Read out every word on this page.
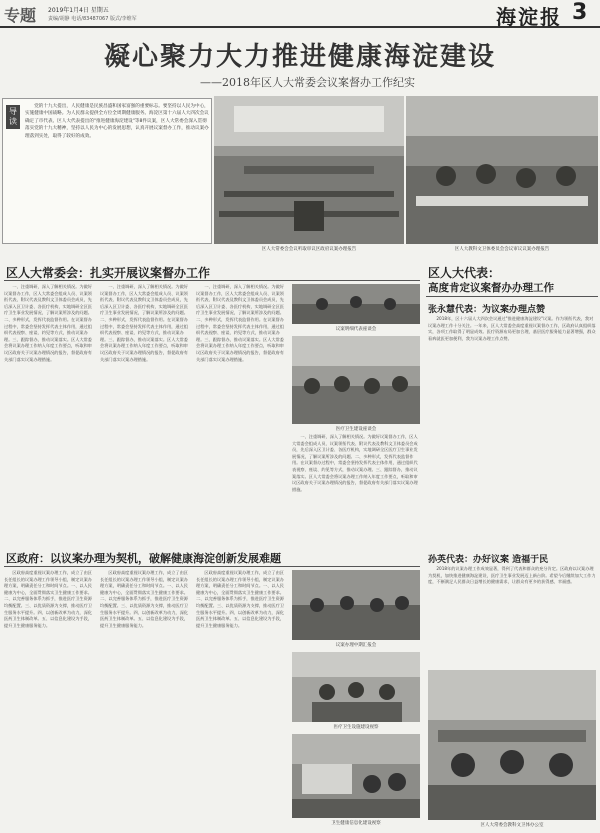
专题 2019年1月4日 星期五
责编/胡静 电话/83487067 版式/李维军	海淀报 3
凝心聚力大力推进健康海淀建设
——2018年区人大常委会议案督办工作纪实
导读
党的十九大提出，人民健康是民族昌盛和国家富强的重要标志。要坚持以人民为中心，实施健康中国战略。为人民群众提供全方位全周期健康服务。海淀区第十六届人大四次会议确定了市代表、区人大代表提出的"推进健康海淀建设"等8件议案，区人大常委会深入贯彻落实党的十九大精神，坚持以人民为中心的发展思想，认真开展议案督办工作，推动议案办理落到实处，取得了较好的成效。
区人大常委会会议听取审议区政府议案办理报告	区人大教科文卫体委员会会议审议议案办理报告
区人大常委会：扎实开展议案督办工作
一、注重调研，深入了解相关情况。为做好议案督办工作，区人大常委会组成人员、议案领衔代表、附议代表及教科文卫体委员会成员，先后深入区卫计委、各医疗机构，实地调研全区医疗卫生事业发展情况，了解议案所涉及的问题。二、多种形式，发挥代表监督作用。在议案督办过程中，常委会坚持发挥代表主体作用，通过组织代表视察、座谈、约见等方式，推动议案办理。三、跟踪督办，推动议案落实。区人大常委会将议案办理工作纳入年度工作要点，听取和审议区政府关于议案办理情况的报告，督促政府有关部门落实议案办理措施。
一、注重调研，深入了解相关情况。为做好议案督办工作，区人大常委会组成人员、议案领衔代表、附议代表及教科文卫体委员会成员，先后深入区卫计委、各医疗机构，实地调研全区医疗卫生事业发展情况，了解议案所涉及的问题。二、多种形式，发挥代表监督作用。在议案督办过程中，常委会坚持发挥代表主体作用，通过组织代表视察、座谈、约见等方式，推动议案办理。三、跟踪督办，推动议案落实。区人大常委会将议案办理工作纳入年度工作要点，听取和审议区政府关于议案办理情况的报告，督促政府有关部门落实议案办理措施。
一、注重调研，深入了解相关情况。为做好议案督办工作，区人大常委会组成人员、议案领衔代表、附议代表及教科文卫体委员会成员，先后深入区卫计委、各医疗机构，实地调研全区医疗卫生事业发展情况，了解议案所涉及的问题。二、多种形式，发挥代表监督作用。在议案督办过程中，常委会坚持发挥代表主体作用，通过组织代表视察、座谈、约见等方式，推动议案办理。三、跟踪督办，推动议案落实。区人大常委会将议案办理工作纳入年度工作要点，听取和审议区政府关于议案办理情况的报告，督促政府有关部门落实议案办理措施。
议案明细代表座谈会
医疗卫生建设座谈会
一、注重调研，深入了解相关情况。为做好议案督办工作，区人大常委会组成人员、议案领衔代表、附议代表及教科文卫体委员会成员，先后深入区卫计委、各医疗机构，实地调研全区医疗卫生事业发展情况，了解议案所涉及的问题。二、多种形式，发挥代表监督作用。在议案督办过程中，常委会坚持发挥代表主体作用，通过组织代表视察、座谈、约见等方式，推动议案办理。三、跟踪督办，推动议案落实。区人大常委会将议案办理工作纳入年度工作要点，听取和审议区政府关于议案办理情况的报告，督促政府有关部门落实议案办理措施。
区政府：以议案办理为契机，破解健康海淀创新发展难题
区政府高度重视议案办理工作，成立了由区长任组长的议案办理工作领导小组，制定议案办理方案，明确责任分工和时间节点。一、以人民健康为中心，全面贯彻落实卫生健康工作要求。二、以完善服务体系为抓手，推进医疗卫生资源均衡配置。三、以优质资源为支撑，推动医疗卫生服务水平提升。四、以创新改革为动力，深化医药卫生体制改革。五、以信息化建设为手段，提升卫生健康服务能力。
区政府高度重视议案办理工作，成立了由区长任组长的议案办理工作领导小组，制定议案办理方案，明确责任分工和时间节点。一、以人民健康为中心，全面贯彻落实卫生健康工作要求。二、以完善服务体系为抓手，推进医疗卫生资源均衡配置。三、以优质资源为支撑，推动医疗卫生服务水平提升。四、以创新改革为动力，深化医药卫生体制改革。五、以信息化建设为手段，提升卫生健康服务能力。
区政府高度重视议案办理工作，成立了由区长任组长的议案办理工作领导小组，制定议案办理方案，明确责任分工和时间节点。一、以人民健康为中心，全面贯彻落实卫生健康工作要求。二、以完善服务体系为抓手，推进医疗卫生资源均衡配置。三、以优质资源为支撑，推动医疗卫生服务水平提升。四、以创新改革为动力，深化医药卫生体制改革。五、以信息化建设为手段，提升卫生健康服务能力。
议案办理中期汇报会
医疗卫生设施建设视察
卫生健康信息化建设视察
区人大代表：
高度肯定议案督办办理工作
张永慧代表：为议案办理点赞
2018年，区十六届人大四次会议通过"推进健康海淀建设"议案。作为领衔代表，我对议案办理工作十分关注。一年来，区人大常委会高度重视议案督办工作，区政府认真组织落实，各项工作取得了明显成效。医疗资源布局更加合理，基层医疗服务能力显著增强，群众看病就医更加便利，我为议案办理工作点赞。
孙英代表：办好议案 造福于民
2018年的议案办理工作成效显著，得到了代表和群众的充分肯定。区政府以议案办理为契机，加快推进健康海淀建设，医疗卫生事业发展迈上新台阶。希望今后继续加大工作力度，不断满足人民群众日益增长的健康需求，让群众有更多的获得感、幸福感。
区人大常委会教科文卫体办公室
